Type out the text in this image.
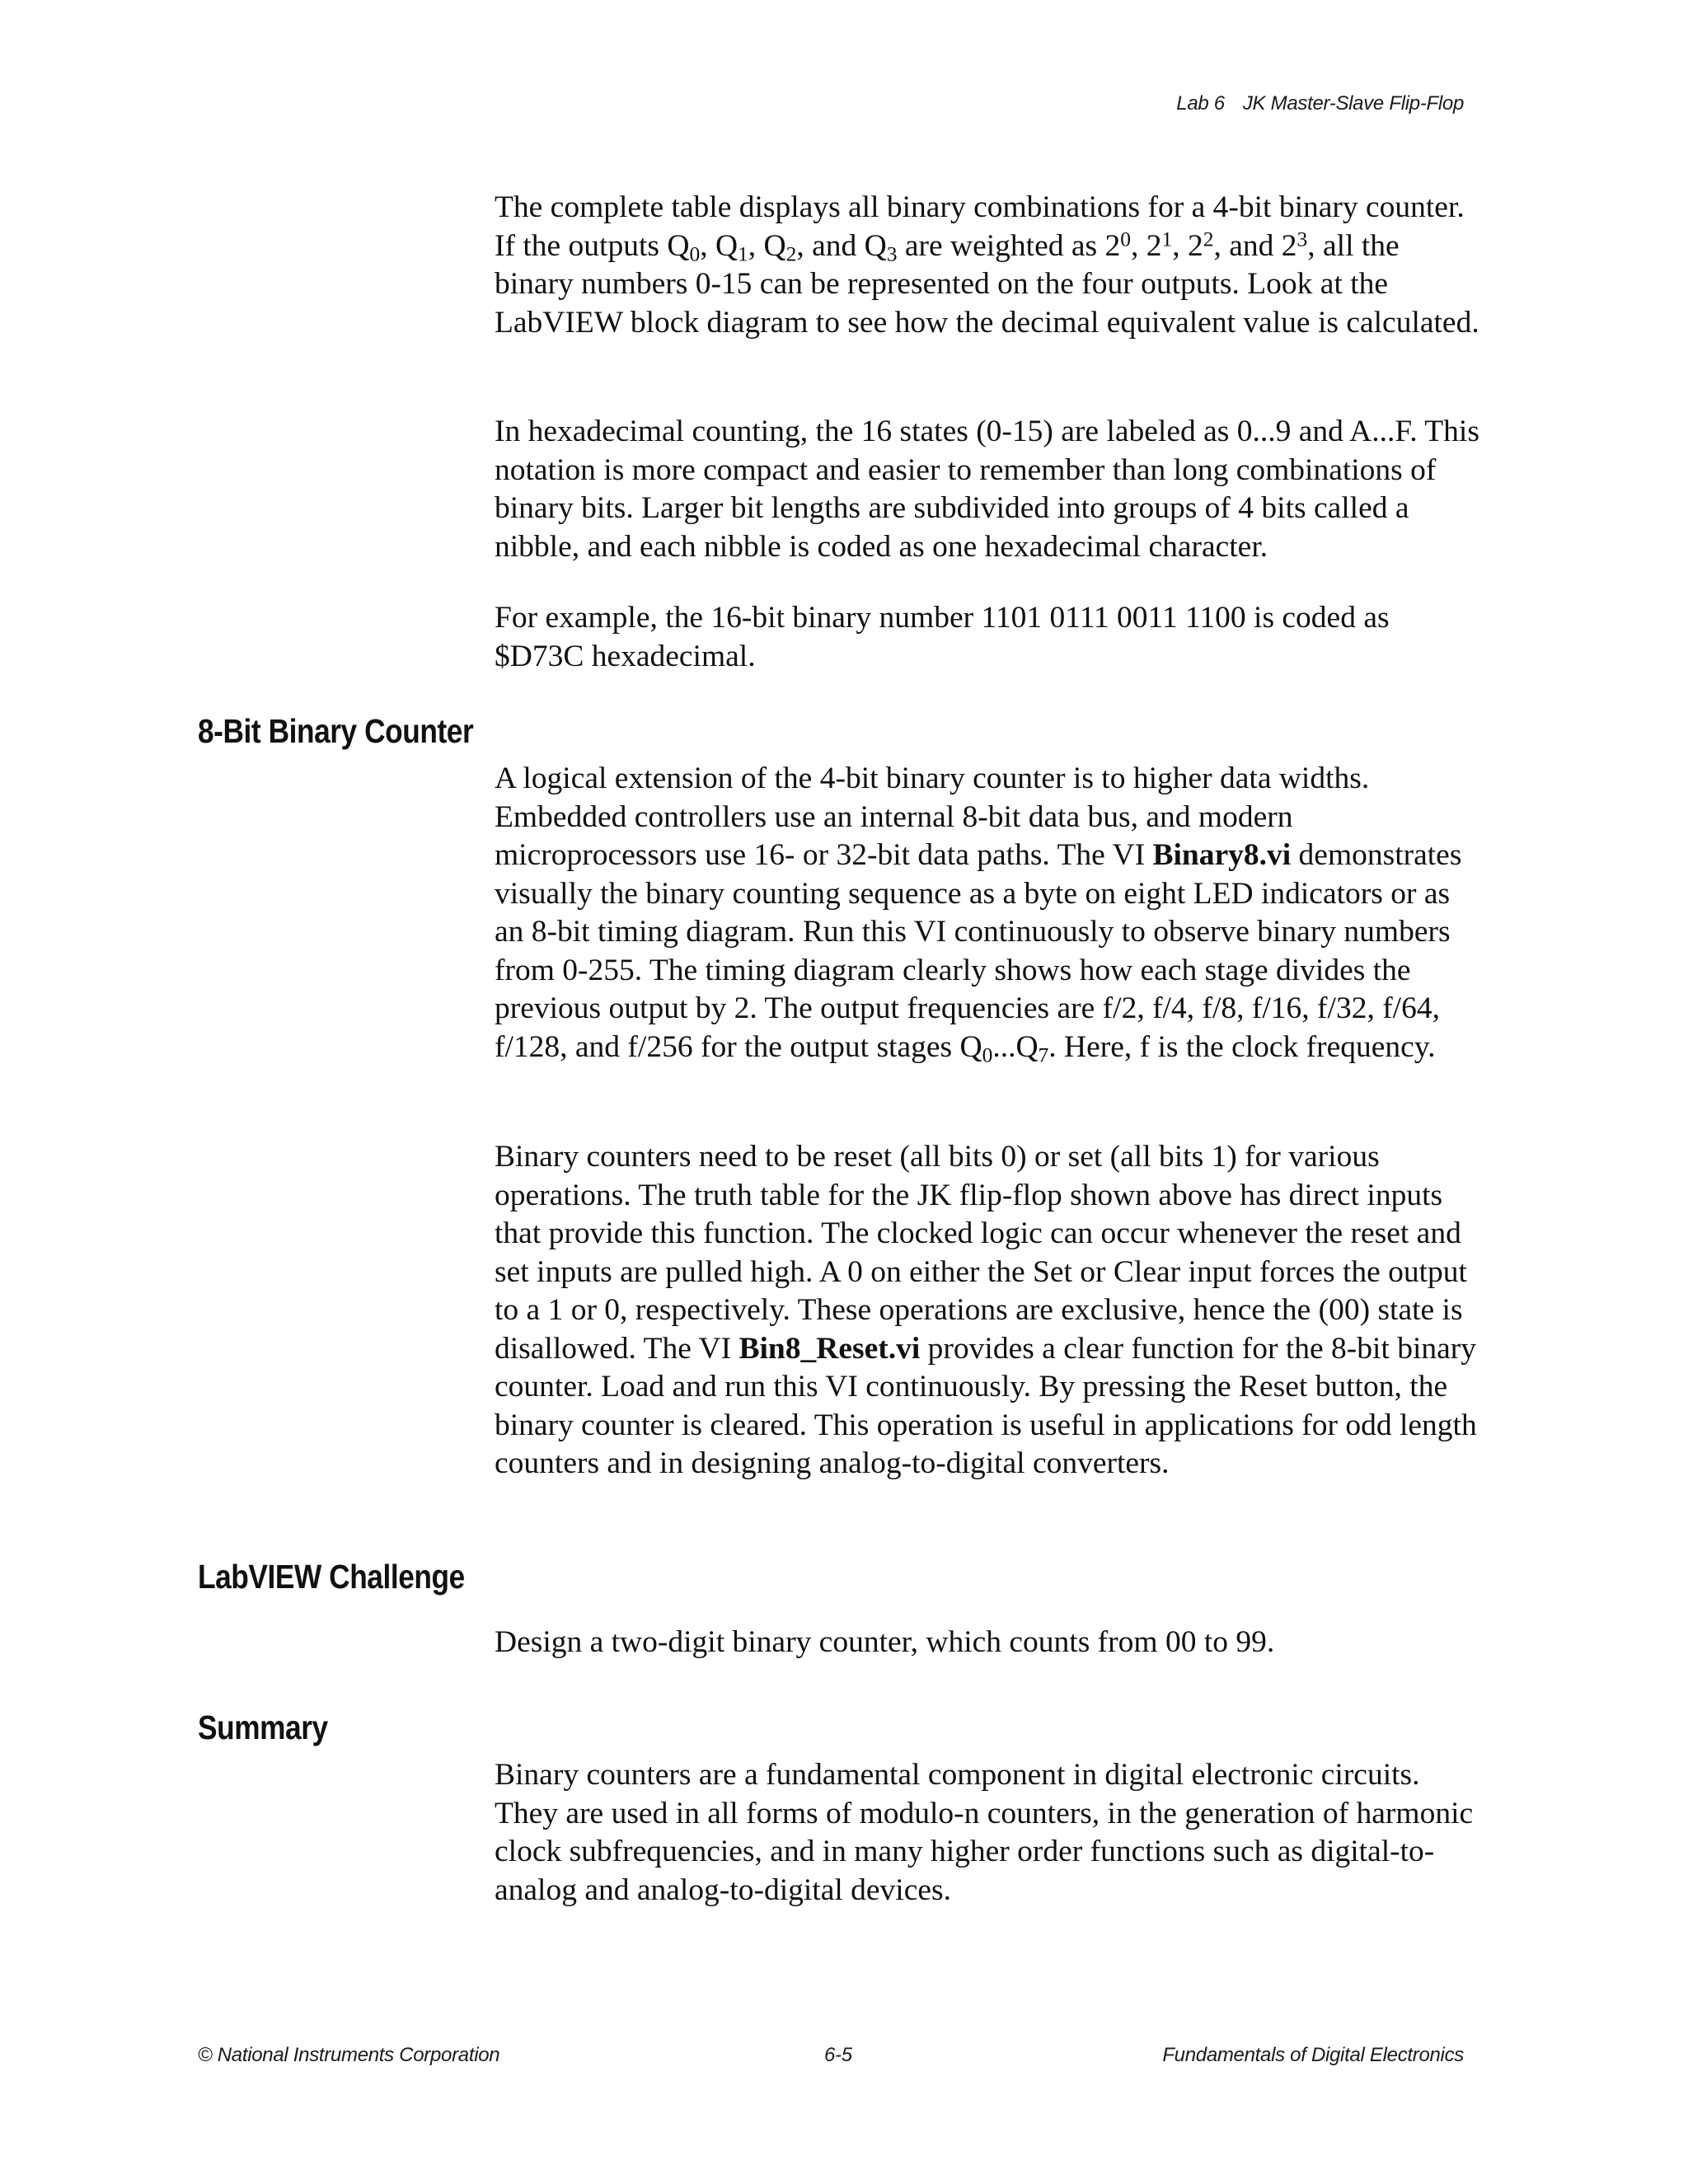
Lab 6 JK Master-Slave Flip-Flop

The complete table displays all binary combinations for a 4-bit binary counter. If the outputs $Q_0$, $Q_1$, $Q_2$, and $Q_3$ are weighted as $2^0$, $2^1$, $2^2$, and $2^3$, all the binary numbers 0-15 can be represented on the four outputs. Look at the LabVIEW block diagram to see how the decimal equivalent value is calculated.

In hexadecimal counting, the 16 states (0-15) are labeled as 0...9 and A...F. This notation is more compact and easier to remember than long combinations of binary bits. Larger bit lengths are subdivided into groups of 4 bits called a nibble, and each nibble is coded as one hexadecimal character.

For example, the 16-bit binary number 1101 0111 0011 1100 is coded as $D73C hexadecimal.

8-Bit Binary Counter

A logical extension of the 4-bit binary counter is to higher data widths. Embedded controllers use an internal 8-bit data bus, and modern microprocessors use 16- or 32-bit data paths. The VI Binary8.vi demonstrates visually the binary counting sequence as a byte on eight LED indicators or as an 8-bit timing diagram. Run this VI continuously to observe binary numbers from 0-255. The timing diagram clearly shows how each stage divides the previous output by 2. The output frequencies are f/2, f/4, f/8, f/16, f/32, f/64, f/128, and f/256 for the output stages $Q_0...Q_7$. Here, f is the clock frequency.

Binary counters need to be reset (all bits 0) or set (all bits 1) for various operations. The truth table for the JK flip-flop shown above has direct inputs that provide this function. The clocked logic can occur whenever the reset and set inputs are pulled high. A 0 on either the Set or Clear input forces the output to a 1 or 0, respectively. These operations are exclusive, hence the (00) state is disallowed. The VI Bin8_Reset.vi provides a clear function for the 8-bit binary counter. Load and run this VI continuously. By pressing the Reset button, the binary counter is cleared. This operation is useful in applications for odd length counters and in designing analog-to-digital converters.

LabVIEW Challenge

Design a two-digit binary counter, which counts from 00 to 99.

Summary

Binary counters are a fundamental component in digital electronic circuits. They are used in all forms of modulo-n counters, in the generation of harmonic clock subfrequencies, and in many higher order functions such as digital-to-analog and analog-to-digital devices.

© National Instruments Corporation	6-5	Fundamentals of Digital Electronics
